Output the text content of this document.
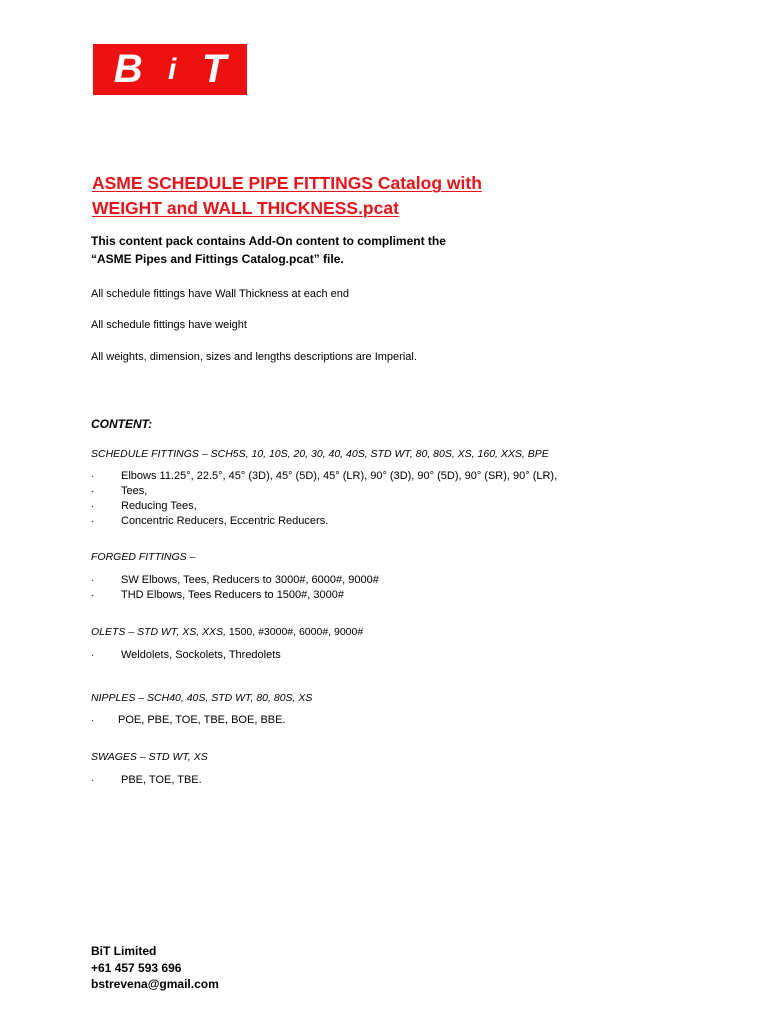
B i T
ASME SCHEDULE PIPE FITTINGS Catalog with
WEIGHT and WALL THICKNESS.pcat
This content pack contains Add-On content to compliment the
“ASME Pipes and Fittings Catalog.pcat” file.
All schedule fittings have Wall Thickness at each end
All schedule fittings have weight
All weights, dimension, sizes and lengths descriptions are Imperial.
CONTENT:
SCHEDULE FITTINGS – SCH5S, 10, 10S, 20, 30, 40, 40S, STD WT, 80, 80S, XS, 160, XXS, BPE
·	Elbows 11.25°, 22.5°, 45° (3D), 45° (5D), 45° (LR), 90° (3D), 90° (5D), 90° (SR), 90° (LR),
·	Tees,
·	Reducing Tees,
·	Concentric Reducers, Eccentric Reducers.
FORGED FITTINGS –
·	SW Elbows, Tees, Reducers to 3000#, 6000#, 9000#
·	THD Elbows, Tees Reducers to 1500#, 3000#
OLETS – STD WT, XS, XXS, 1500, #3000#, 6000#, 9000#
·	Weldolets, Sockolets, Thredolets
NIPPLES – SCH40, 40S, STD WT, 80, 80S, XS
·	POE, PBE, TOE, TBE, BOE, BBE.
SWAGES – STD WT, XS
·	PBE, TOE, TBE.
BiT Limited
+61 457 593 696
bstrevena@gmail.com
